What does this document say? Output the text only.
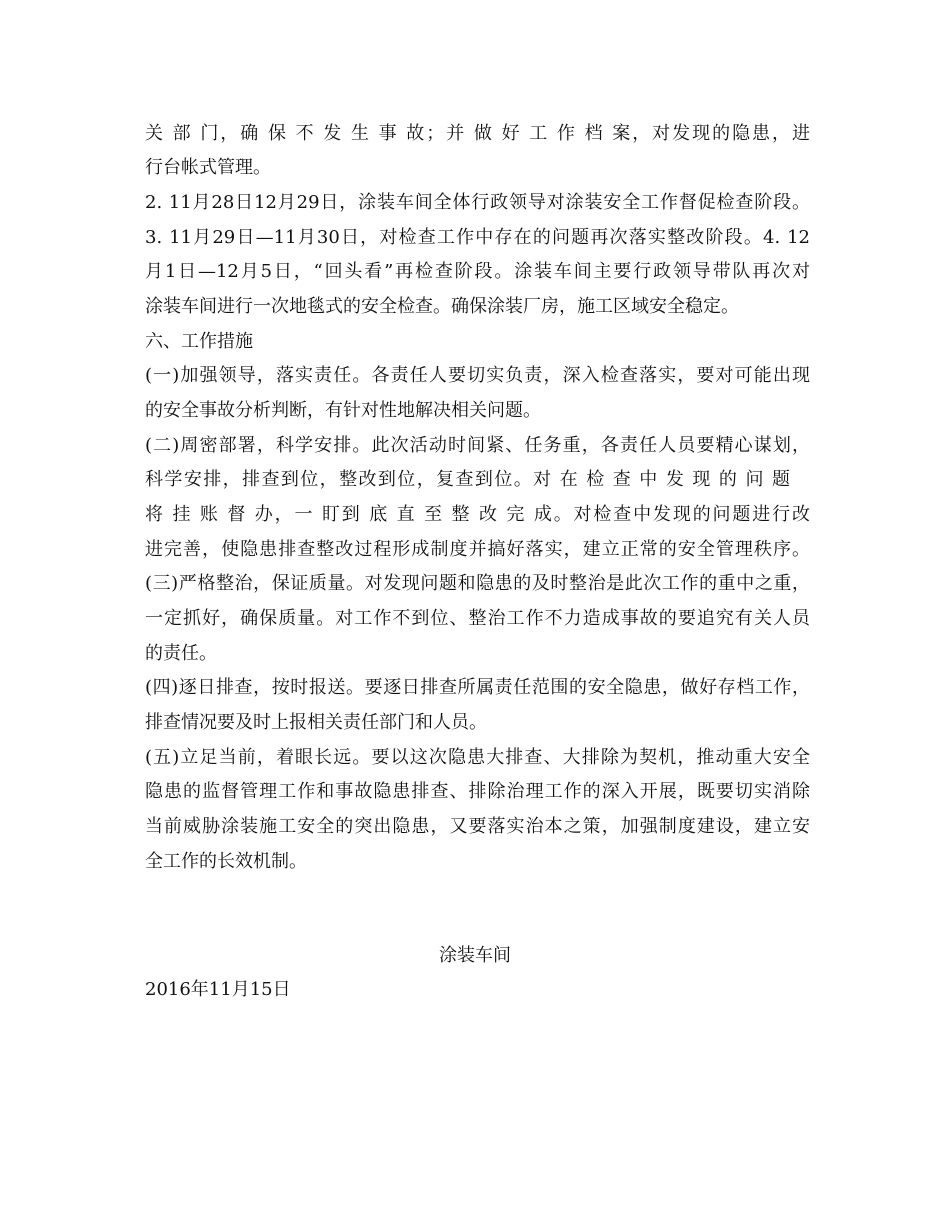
关 部 门，确 保 不 发 生 事 故；并 做 好 工 作 档 案，对发现的隐患，进
行台帐式管理。
2. 11月28日12月29日，涂装车间全体行政领导对涂装安全工作督促检查阶段。
3. 11月29日—11月30日，对检查工作中存在的问题再次落实整改阶段。4. 12
月1日—12月5日，“回头看”再检查阶段。涂装车间主要行政领导带队再次对
涂装车间进行一次地毯式的安全检查。确保涂装厂房，施工区域安全稳定。
六、工作措施
(一)加强领导，落实责任。各责任人要切实负责，深入检查落实，要对可能出现
的安全事故分析判断，有针对性地解决相关问题。
(二)周密部署，科学安排。此次活动时间紧、任务重，各责任人员要精心谋划，
科学安排，排查到位，整改到位，复查到位。对 在 检 查 中 发 现 的 问 题
将 挂 账 督 办，一 盯到 底 直 至 整 改 完 成。对检查中发现的问题进行改
进完善，使隐患排查整改过程形成制度并搞好落实，建立正常的安全管理秩序。
(三)严格整治，保证质量。对发现问题和隐患的及时整治是此次工作的重中之重，
一定抓好，确保质量。对工作不到位、整治工作不力造成事故的要追究有关人员
的责任。
(四)逐日排查，按时报送。要逐日排查所属责任范围的安全隐患，做好存档工作，
排查情况要及时上报相关责任部门和人员。
(五)立足当前，着眼长远。要以这次隐患大排查、大排除为契机，推动重大安全
隐患的监督管理工作和事故隐患排查、排除治理工作的深入开展，既要切实消除
当前威胁涂装施工安全的突出隐患，又要落实治本之策，加强制度建设，建立安
全工作的长效机制。
涂装车间
2016年11月15日
